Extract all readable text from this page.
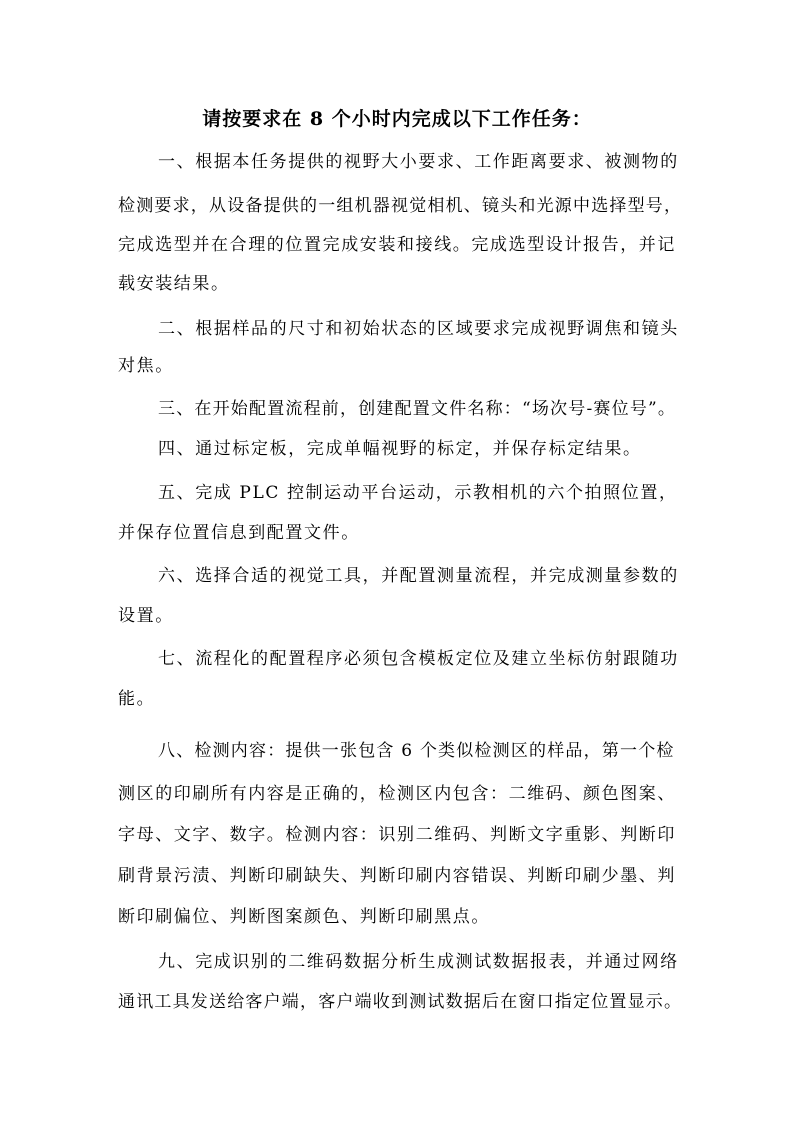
请按要求在 8 个小时内完成以下工作任务：
一、根据本任务提供的视野大小要求、工作距离要求、被测物的
检测要求，从设备提供的一组机器视觉相机、镜头和光源中选择型号，
完成选型并在合理的位置完成安装和接线。完成选型设计报告，并记
载安装结果。
二、根据样品的尺寸和初始状态的区域要求完成视野调焦和镜头
对焦。
三、在开始配置流程前，创建配置文件名称：“场次号-赛位号”。
四、通过标定板，完成单幅视野的标定，并保存标定结果。
五、完成 PLC 控制运动平台运动，示教相机的六个拍照位置，
并保存位置信息到配置文件。
六、选择合适的视觉工具，并配置测量流程，并完成测量参数的
设置。
七、流程化的配置程序必须包含模板定位及建立坐标仿射跟随功
能。
八、检测内容：提供一张包含 6 个类似检测区的样品，第一个检
测区的印刷所有内容是正确的，检测区内包含：二维码、颜色图案、
字母、文字、数字。检测内容：识别二维码、判断文字重影、判断印
刷背景污渍、判断印刷缺失、判断印刷内容错误、判断印刷少墨、判
断印刷偏位、判断图案颜色、判断印刷黑点。
九、完成识别的二维码数据分析生成测试数据报表，并通过网络
通讯工具发送给客户端，客户端收到测试数据后在窗口指定位置显示。
